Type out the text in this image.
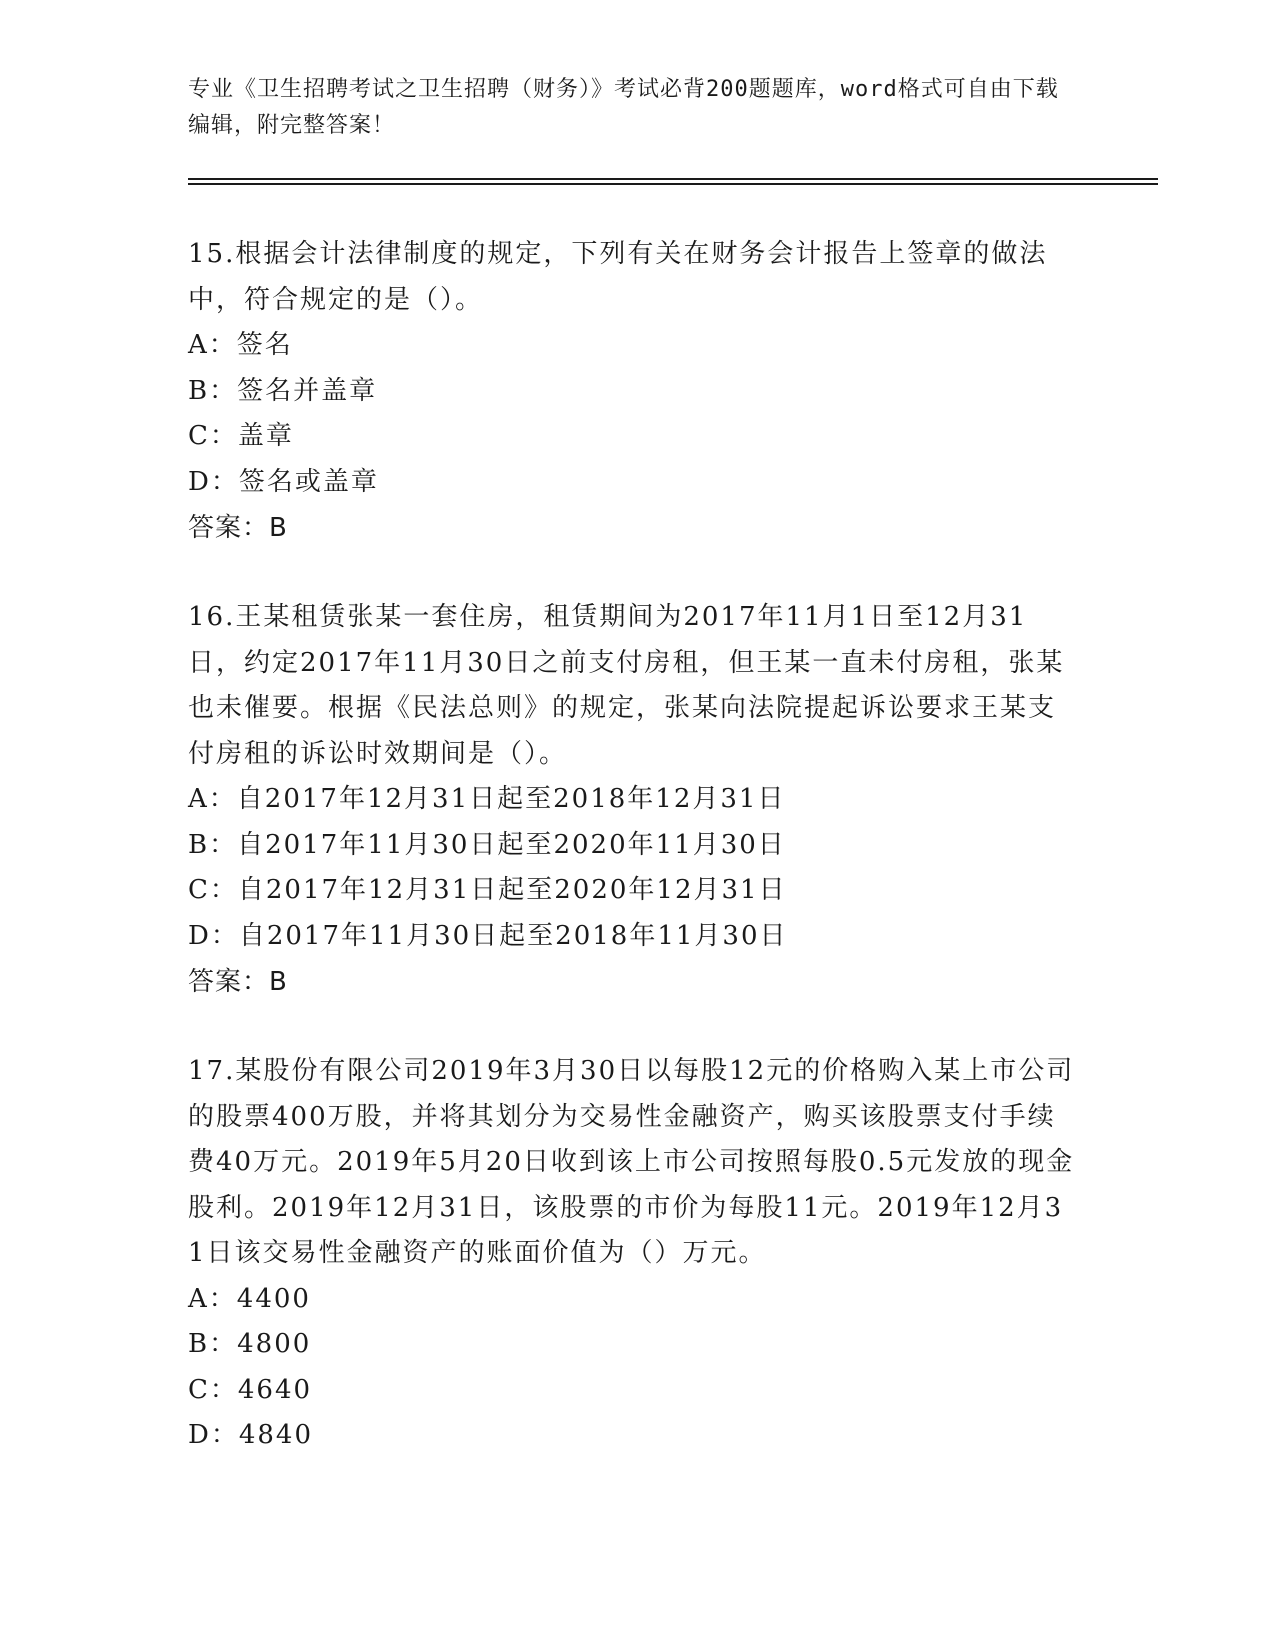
专业《卫生招聘考试之卫生招聘（财务）》考试必背200题题库，word格式可自由下载编辑，附完整答案！

15.根据会计法律制度的规定，下列有关在财务会计报告上签章的做法中，符合规定的是（）。

A：签名

B：签名并盖章

C：盖章

D：签名或盖章

答案：B

16.王某租赁张某一套住房，租赁期间为2017年11月1日至12月31日，约定2017年11月30日之前支付房租，但王某一直未付房租，张某也未催要。根据《民法总则》的规定，张某向法院提起诉讼要求王某支付房租的诉讼时效期间是（）。

A：自2017年12月31日起至2018年12月31日

B：自2017年11月30日起至2020年11月30日

C：自2017年12月31日起至2020年12月31日

D：自2017年11月30日起至2018年11月30日

答案：B

17.某股份有限公司2019年3月30日以每股12元的价格购入某上市公司的股票400万股，并将其划分为交易性金融资产，购买该股票支付手续费40万元。2019年5月20日收到该上市公司按照每股0.5元发放的现金股利。2019年12月31日，该股票的市价为每股11元。2019年12月31日该交易性金融资产的账面价值为（）万元。

A：4400

B：4800

C：4640

D：4840
